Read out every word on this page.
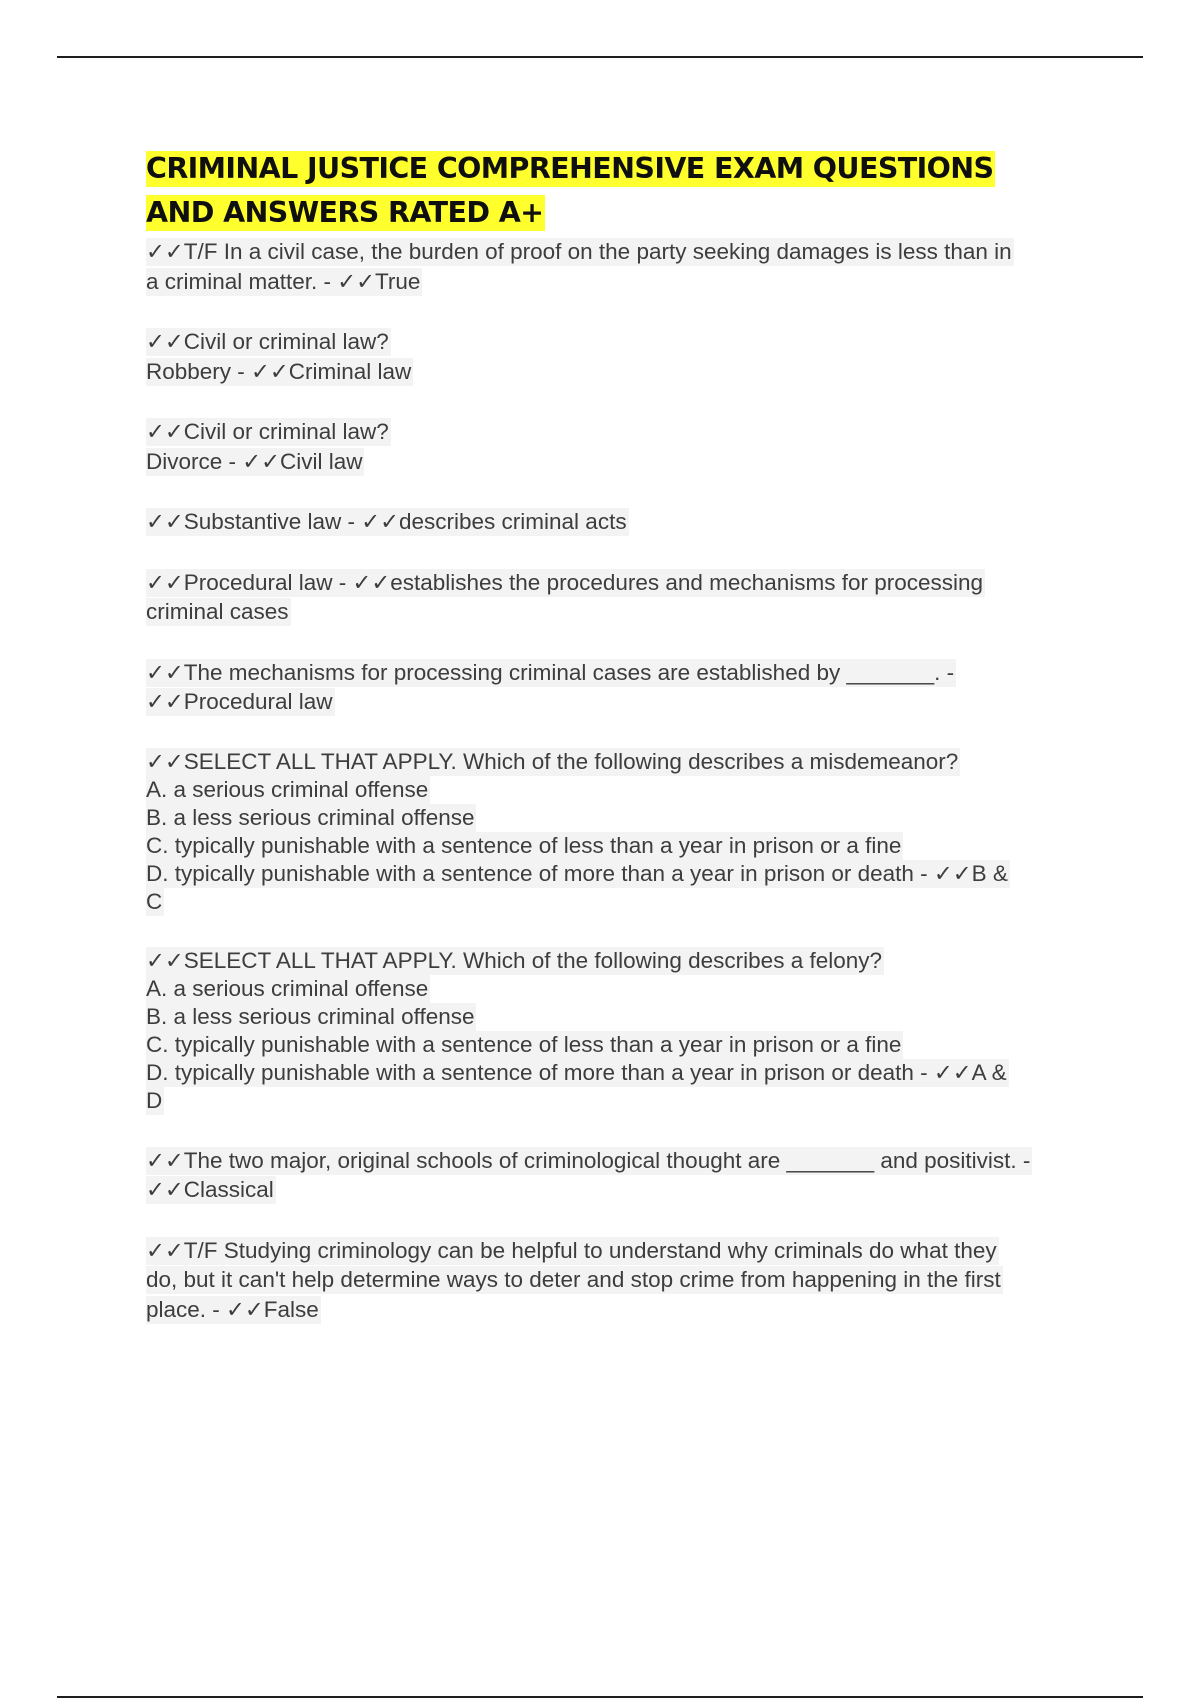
CRIMINAL JUSTICE COMPREHENSIVE EXAM QUESTIONS
AND ANSWERS RATED A+
✓✓T/F In a civil case, the burden of proof on the party seeking damages is less than in
a criminal matter. - ✓✓True
✓✓Civil or criminal law?
Robbery - ✓✓Criminal law
✓✓Civil or criminal law?
Divorce - ✓✓Civil law
✓✓Substantive law - ✓✓describes criminal acts
✓✓Procedural law - ✓✓establishes the procedures and mechanisms for processing
criminal cases
✓✓The mechanisms for processing criminal cases are established by _______. -
✓✓Procedural law
✓✓SELECT ALL THAT APPLY. Which of the following describes a misdemeanor?
A. a serious criminal offense
B. a less serious criminal offense
C. typically punishable with a sentence of less than a year in prison or a fine
D. typically punishable with a sentence of more than a year in prison or death - ✓✓B &
C
✓✓SELECT ALL THAT APPLY. Which of the following describes a felony?
A. a serious criminal offense
B. a less serious criminal offense
C. typically punishable with a sentence of less than a year in prison or a fine
D. typically punishable with a sentence of more than a year in prison or death - ✓✓A &
D
✓✓The two major, original schools of criminological thought are _______ and positivist. -
✓✓Classical
✓✓T/F Studying criminology can be helpful to understand why criminals do what they
do, but it can't help determine ways to deter and stop crime from happening in the first
place. - ✓✓False
